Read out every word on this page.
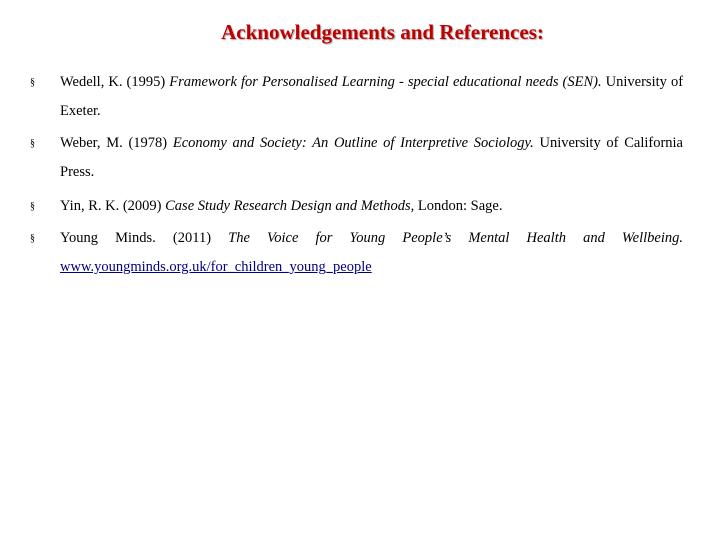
Acknowledgements and References:
§ Wedell, K. (1995) Framework for Personalised Learning - special educational needs (SEN). University of Exeter.
§ Weber, M. (1978) Economy and Society: An Outline of Interpretive Sociology. University of California Press.
§ Yin, R. K. (2009) Case Study Research Design and Methods, London: Sage.
§ Young Minds. (2011) The Voice for Young People’s Mental Health and Wellbeing. www.youngminds.org.uk/for_children_young_people
